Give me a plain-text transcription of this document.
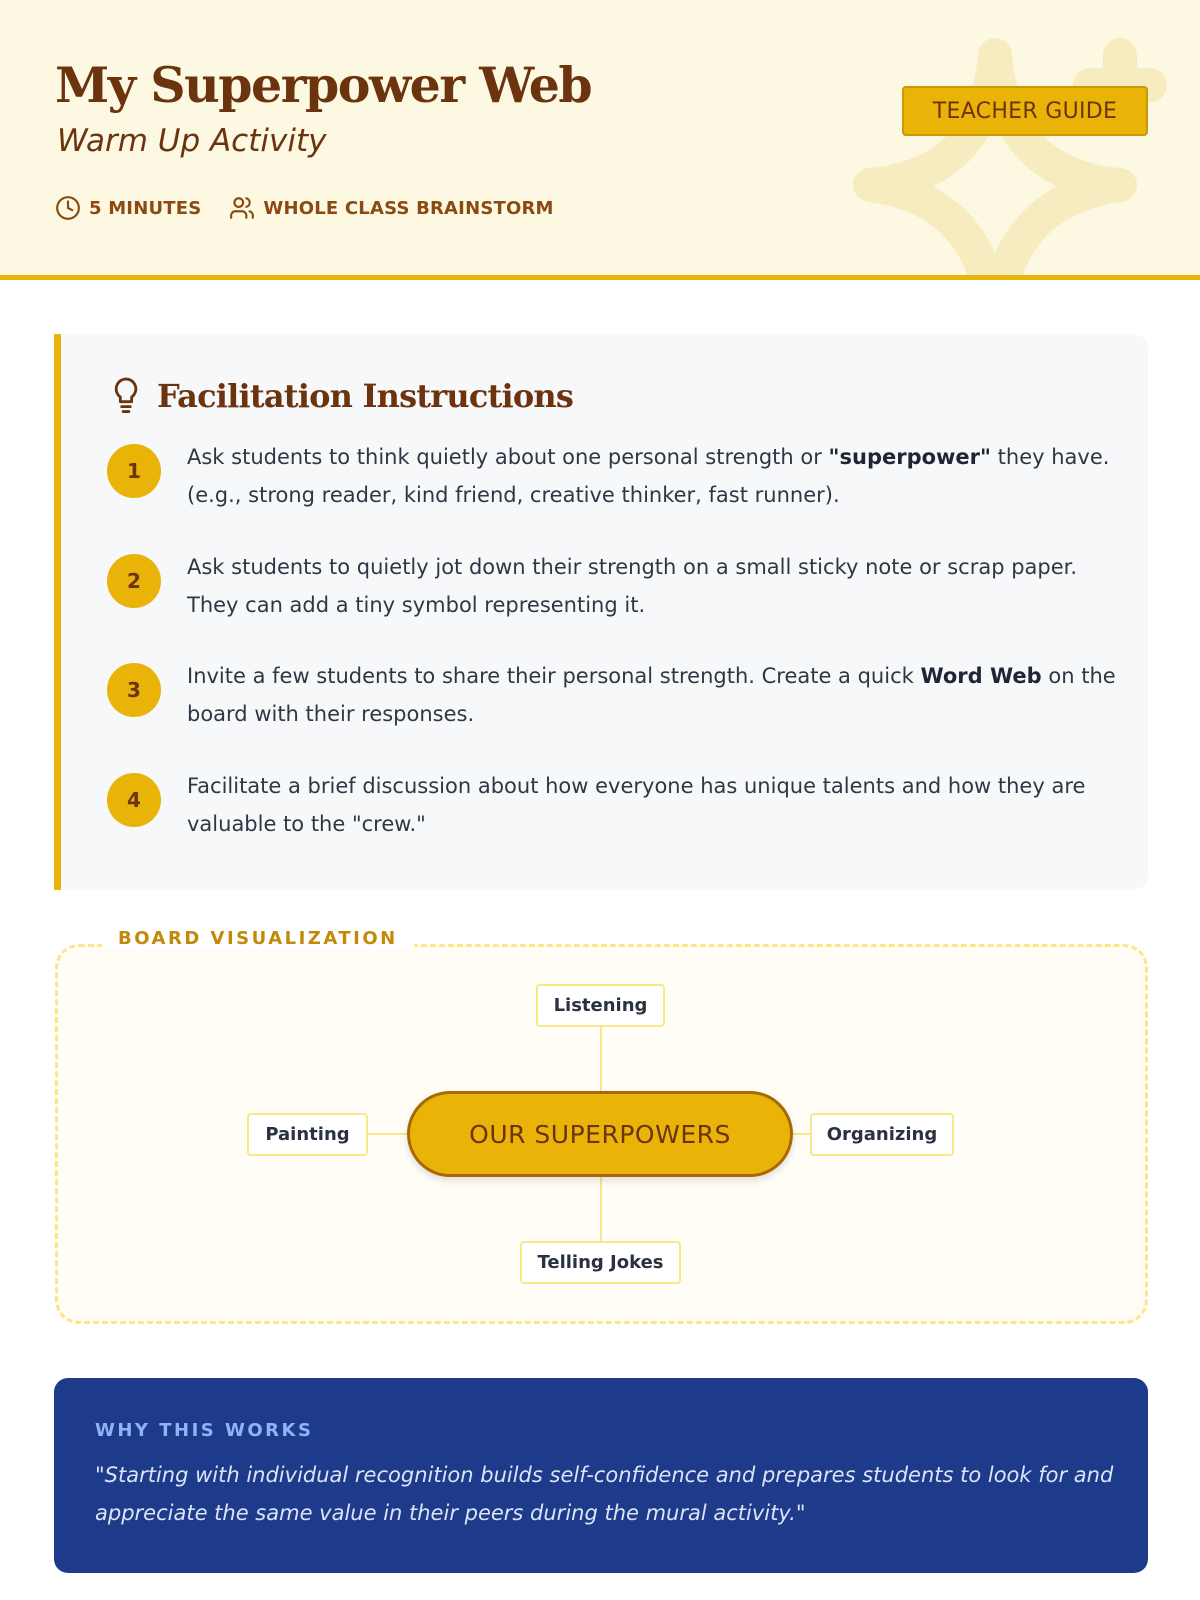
My Superpower Web
Warm Up Activity
5 MINUTES	WHOLE CLASS BRAINSTORM
TEACHER GUIDE
Facilitation Instructions
1
Ask students to think quietly about one personal strength or "superpower" they have. (e.g., strong reader, kind friend, creative thinker, fast runner).
2
Ask students to quietly jot down their strength on a small sticky note or scrap paper. They can add a tiny symbol representing it.
3
Invite a few students to share their personal strength. Create a quick Word Web on the board with their responses.
4
Facilitate a brief discussion about how everyone has unique talents and how they are valuable to the "crew."
BOARD VISUALIZATION
Listening
Painting	Organizing
Telling Jokes
OUR SUPERPOWERS
WHY THIS WORKS
"Starting with individual recognition builds self-confidence and prepares students to look for and appreciate the same value in their peers during the mural activity."
